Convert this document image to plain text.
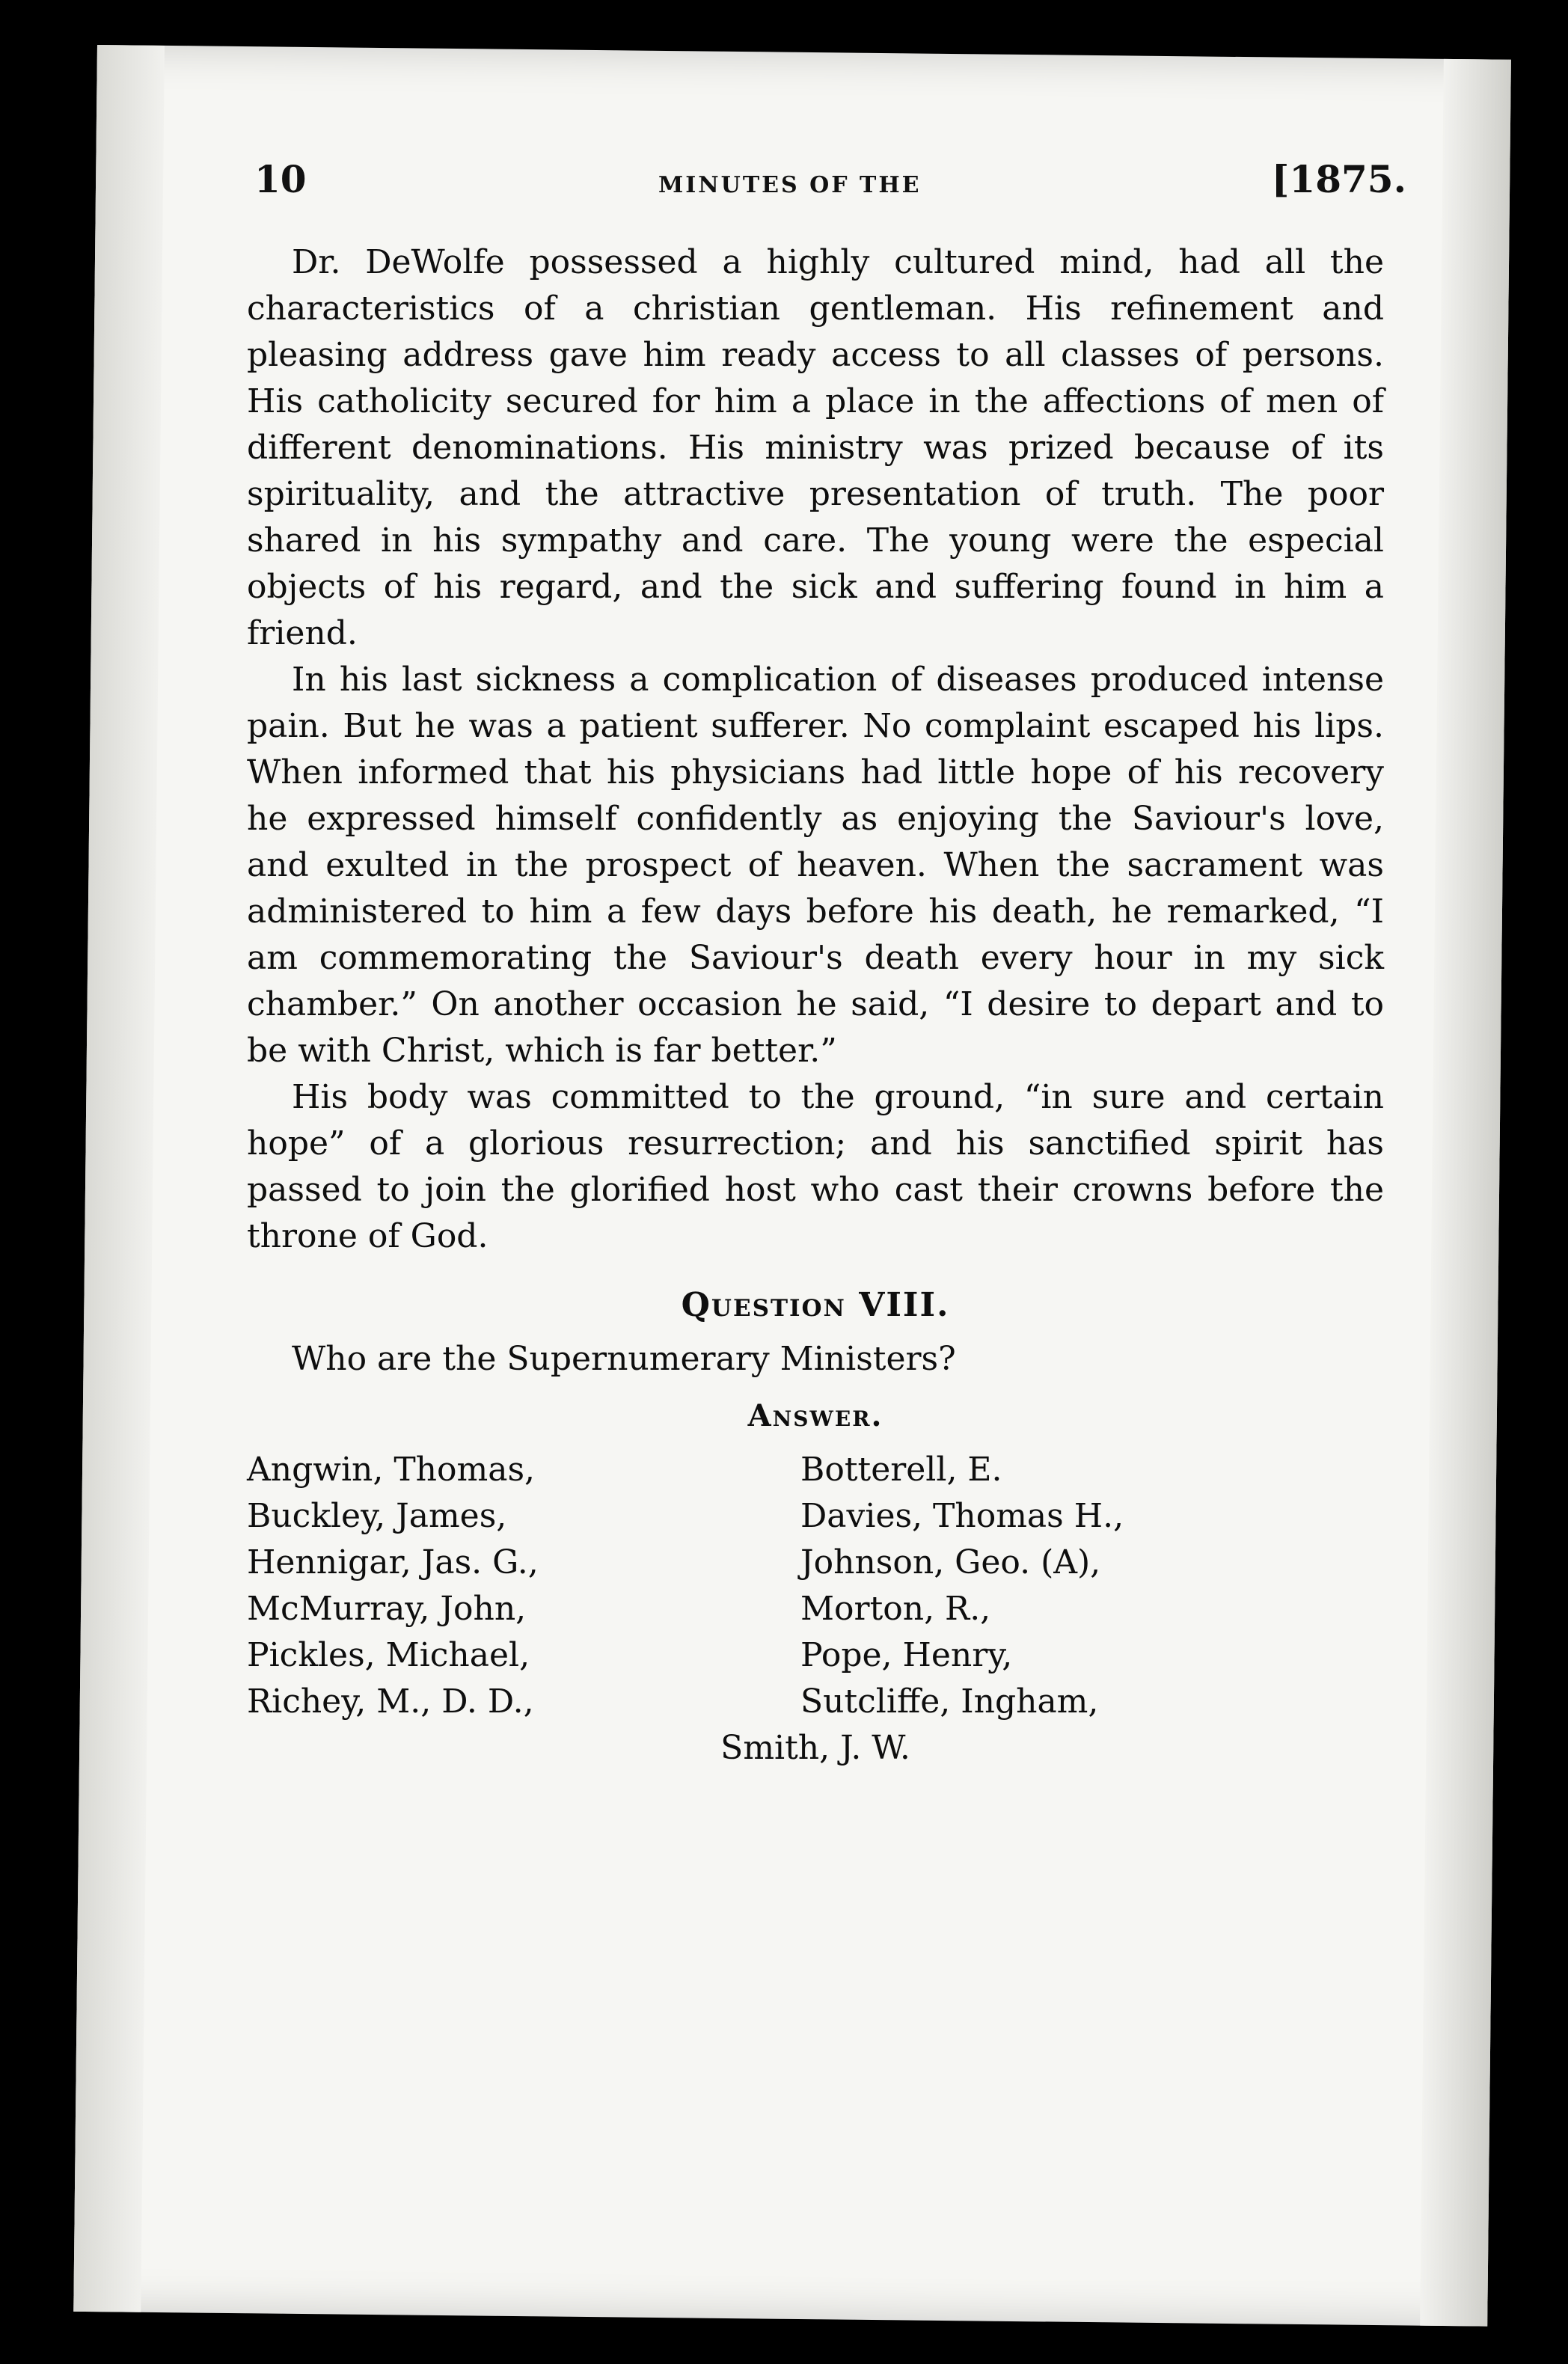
10	MINUTES OF THE	[1875.

Dr. DeWolfe possessed a highly cultured mind, had all the characteristics of a christian gentleman. His refinement and pleasing address gave him ready access to all classes of persons. His catholicity secured for him a place in the affections of men of different denominations. His ministry was prized because of its spirituality, and the attractive presentation of truth. The poor shared in his sympathy and care. The young were the especial objects of his regard, and the sick and suffering found in him a friend.

In his last sickness a complication of diseases produced intense pain. But he was a patient sufferer. No complaint escaped his lips. When informed that his physicians had little hope of his recovery he expressed himself confidently as enjoying the Saviour's love, and exulted in the prospect of heaven. When the sacrament was administered to him a few days before his death, he remarked, “I am commemorating the Saviour's death every hour in my sick chamber.” On another occasion he said, “I desire to depart and to be with Christ, which is far better.”

His body was committed to the ground, “in sure and certain hope” of a glorious resurrection; and his sanctified spirit has passed to join the glorified host who cast their crowns before the throne of God.

Question VIII.

Who are the Supernumerary Ministers?

Answer.
Angwin, Thomas,	Botterell, E.
Buckley, James,	Davies, Thomas H.,
Hennigar, Jas. G.,	Johnson, Geo. (A),
McMurray, John,	Morton, R.,
Pickles, Michael,	Pope, Henry,
Richey, M., D. D.,	Sutcliffe, Ingham,
Smith, J. W.
